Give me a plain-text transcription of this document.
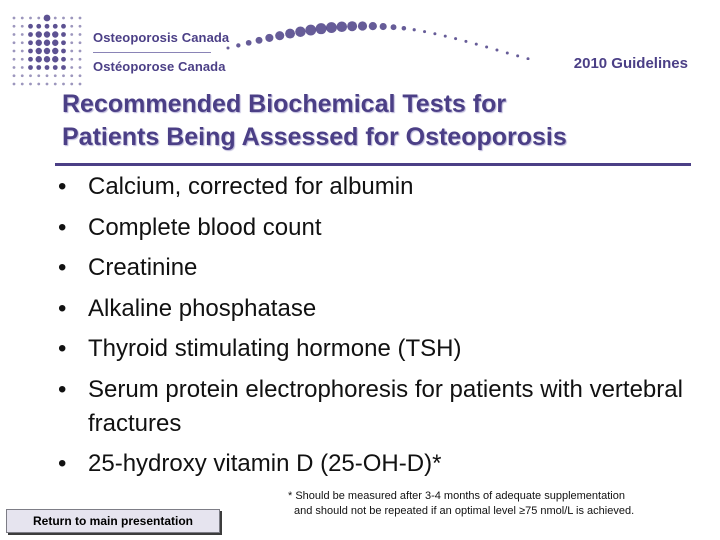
Osteoporosis Canada
Ostéoporose Canada	2010 Guidelines
Recommended Biochemical Tests for
Patients Being Assessed for Osteoporosis
• Calcium, corrected for albumin
• Complete blood count
• Creatinine
• Alkaline phosphatase
• Thyroid stimulating hormone (TSH)
• Serum protein electrophoresis for patients with vertebral fractures
• 25-hydroxy vitamin D (25-OH-D)*
Return to main presentation
* Should be measured after 3-4 months of adequate supplementation
and should not be repeated if an optimal level ≥75 nmol/L is achieved.
